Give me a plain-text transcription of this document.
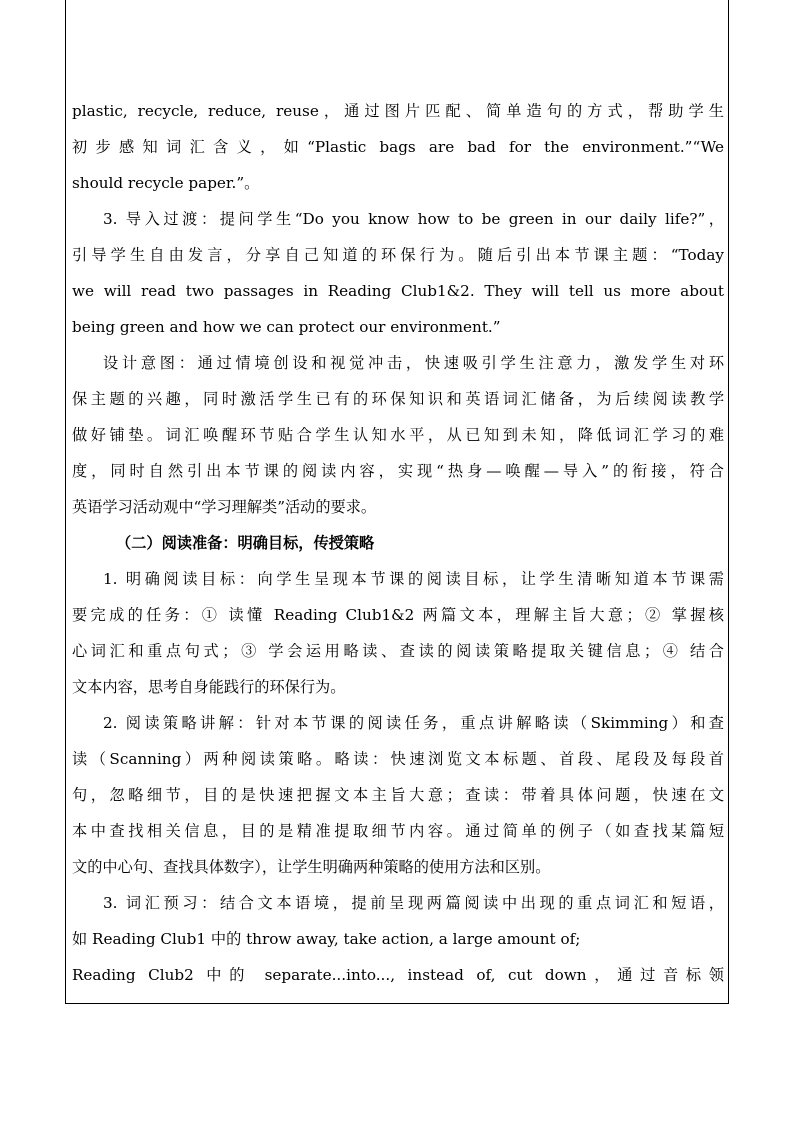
plastic, recycle, reduce, reuse，通过图片匹配、简单造句的方式，帮助学生
初步感知词汇含义，如“Plastic bags are bad for the environment.”“We
should recycle paper.”。
3. 导入过渡：提问学生“Do you know how to be green in our daily life?”，
引导学生自由发言，分享自己知道的环保行为。随后引出本节课主题：“Today
we will read two passages in Reading Club1&2. They will tell us more about
being green and how we can protect our environment.”
设计意图：通过情境创设和视觉冲击，快速吸引学生注意力，激发学生对环
保主题的兴趣，同时激活学生已有的环保知识和英语词汇储备，为后续阅读教学
做好铺垫。词汇唤醒环节贴合学生认知水平，从已知到未知，降低词汇学习的难
度，同时自然引出本节课的阅读内容，实现“热身—唤醒—导入”的衔接，符合
英语学习活动观中“学习理解类”活动的要求。
（二）阅读准备：明确目标，传授策略
1. 明确阅读目标：向学生呈现本节课的阅读目标，让学生清晰知道本节课需
要完成的任务：① 读懂 Reading Club1&2 两篇文本，理解主旨大意；② 掌握核
心词汇和重点句式；③ 学会运用略读、查读的阅读策略提取关键信息；④ 结合
文本内容，思考自身能践行的环保行为。
2. 阅读策略讲解：针对本节课的阅读任务，重点讲解略读（Skimming）和查
读（Scanning）两种阅读策略。略读：快速浏览文本标题、首段、尾段及每段首
句，忽略细节，目的是快速把握文本主旨大意；查读：带着具体问题，快速在文
本中查找相关信息，目的是精准提取细节内容。通过简单的例子（如查找某篇短
文的中心句、查找具体数字），让学生明确两种策略的使用方法和区别。
3. 词汇预习：结合文本语境，提前呈现两篇阅读中出现的重点词汇和短语，
如 Reading Club1 中的 throw away, take action, a large amount of;
Reading Club2 中的 separate...into..., instead of, cut down，通过音标领
